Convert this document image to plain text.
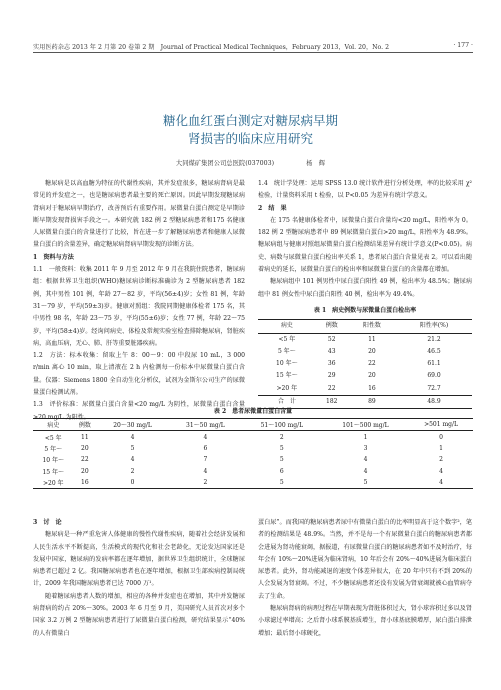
实用医药杂志 2013 年 2 月第 20 卷第 2 期　Journal of Practical Medical Techniques，February 2013，Vol. 20，No. 2	· 177 ·
糖化血红蛋白测定对糖尿病早期
肾损害的临床应用研究
大同煤矿集团公司总医院(037003)	杨　辉

糖尿病是以高血糖为特征的代谢性疾病，其并发症很多，糖尿病肾病是最常见的并发症之一，也是糖尿病患者最主要的死亡原因。因此早期发现糖尿病肾病对于糖尿病早期治疗，改善预后有重要作用。尿微量白蛋白测定是早期诊断早期发现肾损害手段之一。本研究就 182 例 2 型糖尿病患者和175 名健康人尿微量白蛋白的含量进行了比较，旨在进一步了解糖尿病患者和健康人尿微量白蛋白的含量差异，确定糖尿病肾病早期发现的诊断方法。

1　资料与方法

1.1　一般资料：收集 2011 年 9 月至 2012 年 9 月在我院住院患者，糖尿病组：根据世界卫生组织(WHO)糖尿病诊断标准确诊为 2 型糖尿病患者 182 例，其中男性 101 例，年龄 27～82 岁，平均(56±4)岁；女性 81 例，年龄 31～79 岁，平均(59±3)岁。健康对照组：我院同期健康体检者 175 名，其中男性 98 名，年龄 23～75 岁，平均(55±6)岁；女性 77 例，年龄 22～75 岁，平均(58±4)岁。经询问病史、体检及常规实验室检查排除糖尿病，肾脏疾病，高血压病，无心、肺、肝等重要脏器疾病。

1.2　方法：标本收集：留取上午 8：00～9：00 中段尿 10 mL，3 000 r/min 离心 10 min，取上清液在 2 h 内检测每一份标本中尿微量白蛋白含量。仪器：Siemens 1800 全自动生化分析仪，试剂为金斯尔公司生产的尿微量蛋白检测试剂。

1.3　评价标准：尿微量白蛋白含量<20 mg/L 为阴性，尿微量白蛋白含量>20 mg/L 为阳性。

1.4　统计学处理：运用 SPSS 13.0 统计软件进行分析处理，率的比较采用 χ² 检验，计量资料采用 t 检验，以 P<0.05 为差异有统计学意义。

2　结　果

在 175 名健康体检者中，尿微量白蛋白含量均<20 mg/L，阳性率为 0。182 例 2 型糖尿病患者中 89 例尿微量白蛋白>20 mg/L，阳性率为 48.9%。糖尿病组与健康对照组尿微量白蛋白检测结果差异有统计学意义(P<0.05)。病史、病数与尿微量白蛋白检出率关系 1，患者尿白蛋白含量见表 2。可以看出随着病史的延长，尿微量白蛋白的检出率和尿微量白蛋白的含量都在增加。

糖尿病组中 101 例男性中尿白蛋白阳性 49 例，检出率为 48.5%；糖尿病组中 81 例女性中尿白蛋白阳性 40 例，检出率为 49.4%。

表 1　病史例数与尿微量白蛋白检出率
病史	例数	阳性数	阳性率(%)
<5 年	52	11	21.2
5 年～	43	20	46.5
10 年～	36	22	61.1
15 年～	29	20	69.0
>20 年	22	16	72.7
合　计	182	89	48.9
表 2　患者尿微量白蛋白含量
病史	例数	20～30 mg/L	31～50 mg/L	51～100 mg/L	101～500 mg/L	>501 mg/L
<5 年	11	4	4	2	1	0
5 年～	20	5	6	5	3	1
10 年～	22	4	7	5	4	2
15 年～	20	2	4	6	4	4
>20 年	16	0	2	5	5	4
3　讨　论

糖尿病是一种严重危害人体健康的慢性代谢性疾病，随着社会经济发展和人民生活水平不断提高，生活模式的现代化和社会老龄化，无论发达国家还是发展中国家，糖尿病的发病率都在逐年增加，据世界卫生组织统计，全球糖尿病患者已超过 2 亿。我国糖尿病患者也在逐年增加，根据卫生部疾病控制局统计，2009 年我国糖尿病患者已达 7000 万¹。

随着糖尿病患者人数的增加，相应的各种并发症也在增加，其中并发糖尿病肾病的约占 20%～30%。2003 年 6 月至 9 月，美国研究人员首次对多个国家 3.2 万例 2 型糖尿病患者进行了尿微量白蛋白检测，研究结果显示“40%的人有微量白

蛋白尿”。而我国的糖尿病患者尿中有微量白蛋白的比率明显高于这个数字²，笔者的检测结果是 48.9%。当然，并不是每一个有尿微量白蛋白的糖尿病患者都会进展为肾功能衰竭，据报道，有尿微量白蛋白的糖尿病患者如不及时治疗，每年会有 10%～20%进展为临床肾病，10 年后会有 20%～40%进展为临床蛋白尿患者。此外，肾功能减退的速度个体差异很大，在 20 年中只有不到 20%的人会发展为肾衰竭。不过，不少糖尿病患者还没有发展为肾衰竭就被心血管病夺去了生命。

糖尿病肾病的病理过程在早期表现为肾脏体积过大，肾小球容积过多以及肾小球滤过率增高；之后肾小球系膜基质增生，肾小球基底膜增厚，尿白蛋白排泄增加；最后肾小球硬化，
